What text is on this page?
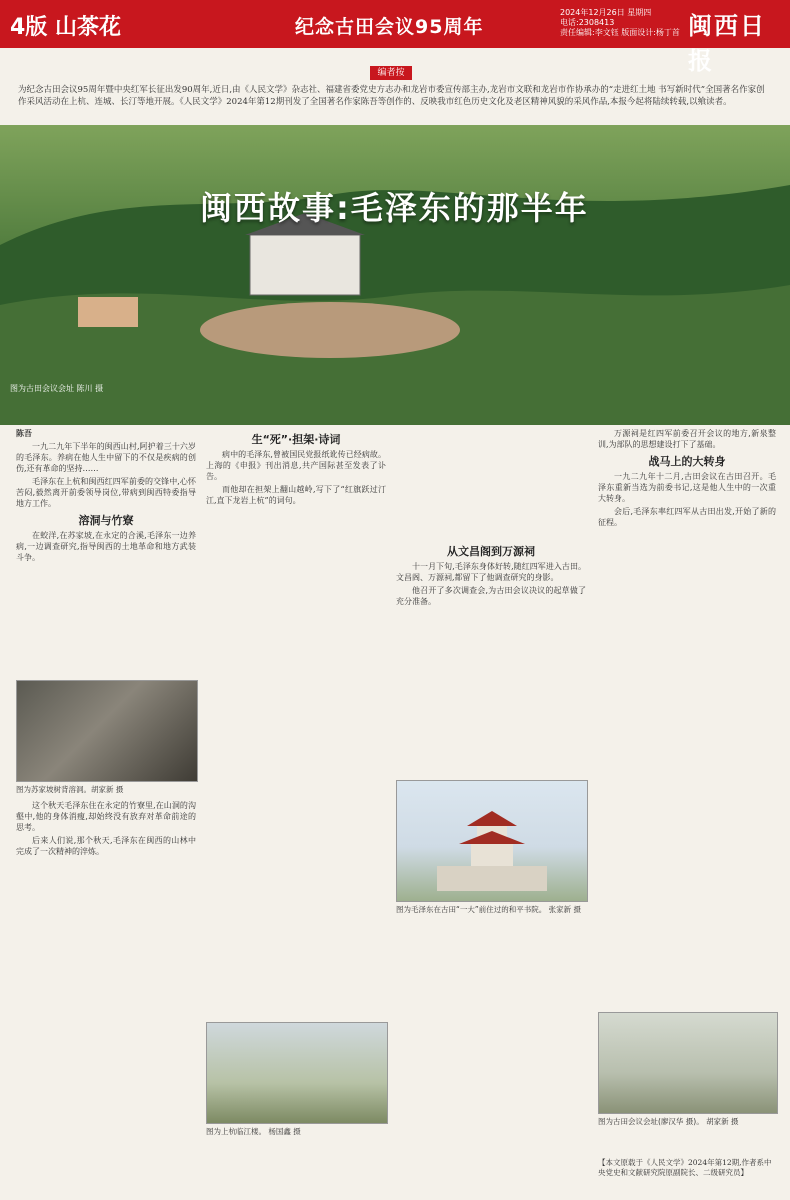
4版 山茶花	纪念古田会议95周年
2024年12月26日 星期四
电话:2308413
责任编辑:李文钰 版面设计:杨丁首 闽西日报
编者按
为纪念古田会议95周年暨中央红军长征出发90周年,近日,由《人民文学》杂志社、福建省委党史方志办和龙岩市委宣传部主办,龙岩市文联和龙岩市作协承办的“走进红土地 书写新时代”全国著名作家创作采风活动在上杭、连城、长汀等地开展。《人民文学》2024年第12期刊发了全国著名作家陈吾等创作的、反映我市红色历史文化及老区精神风貌的采风作品,本报今起将陆续转载,以飨读者。
闽西故事:毛泽东的那半年
图为古田会议会址 陈川 摄

陈吾

一九二九年下半年的闽西山村,阿护着三十六岁的毛泽东。养病在他人生中留下的不仅是疾病的创伤,还有革命的坚持……

毛泽东在上杭和闽西红四军前委的交锋中,心怀苦闷,毅然离开前委领导岗位,带病到闽西特委指导地方工作。

溶洞与竹寮

在蛟洋,在苏家坡,在永定的合溪,毛泽东一边养病,一边调查研究,指导闽西的土地革命和地方武装斗争。

图为苏家坡树背溶洞。胡家新 摄

这个秋天毛泽东住在永定的竹寮里,在山洞的沟壑中,他的身体消瘦,却始终没有放弃对革命前途的思考。

后来人们说,那个秋天,毛泽东在闽西的山林中完成了一次精神的淬炼。

生“死”·担架·诗词

病中的毛泽东,曾被国民党报纸讹传已经病故。上海的《申报》刊出消息,共产国际甚至发表了讣告。

而他却在担架上翻山越岭,写下了“红旗跃过汀江,直下龙岩上杭”的词句。

图为上杭临江楼。 杨国鑫 摄
从文昌阁到万源祠

十一月下旬,毛泽东身体好转,随红四军进入古田。文昌阁、万源祠,都留下了他调查研究的身影。

他召开了多次调查会,为古田会议决议的起草做了充分准备。

图为毛泽东在古田“一大”前住过的和平书院。 张家新 摄

万源祠是红四军前委召开会议的地方,新泉整训,为部队的思想建设打下了基础。

战马上的大转身

一九二九年十二月,古田会议在古田召开。毛泽东重新当选为前委书记,这是他人生中的一次重大转身。

会后,毛泽东率红四军从古田出发,开始了新的征程。

图为古田会议会址(廖汉华 摄)。 胡家新 摄
【本文原载于《人民文学》2024年第12期,作者系中央党史和文献研究院原副院长、二级研究员】
